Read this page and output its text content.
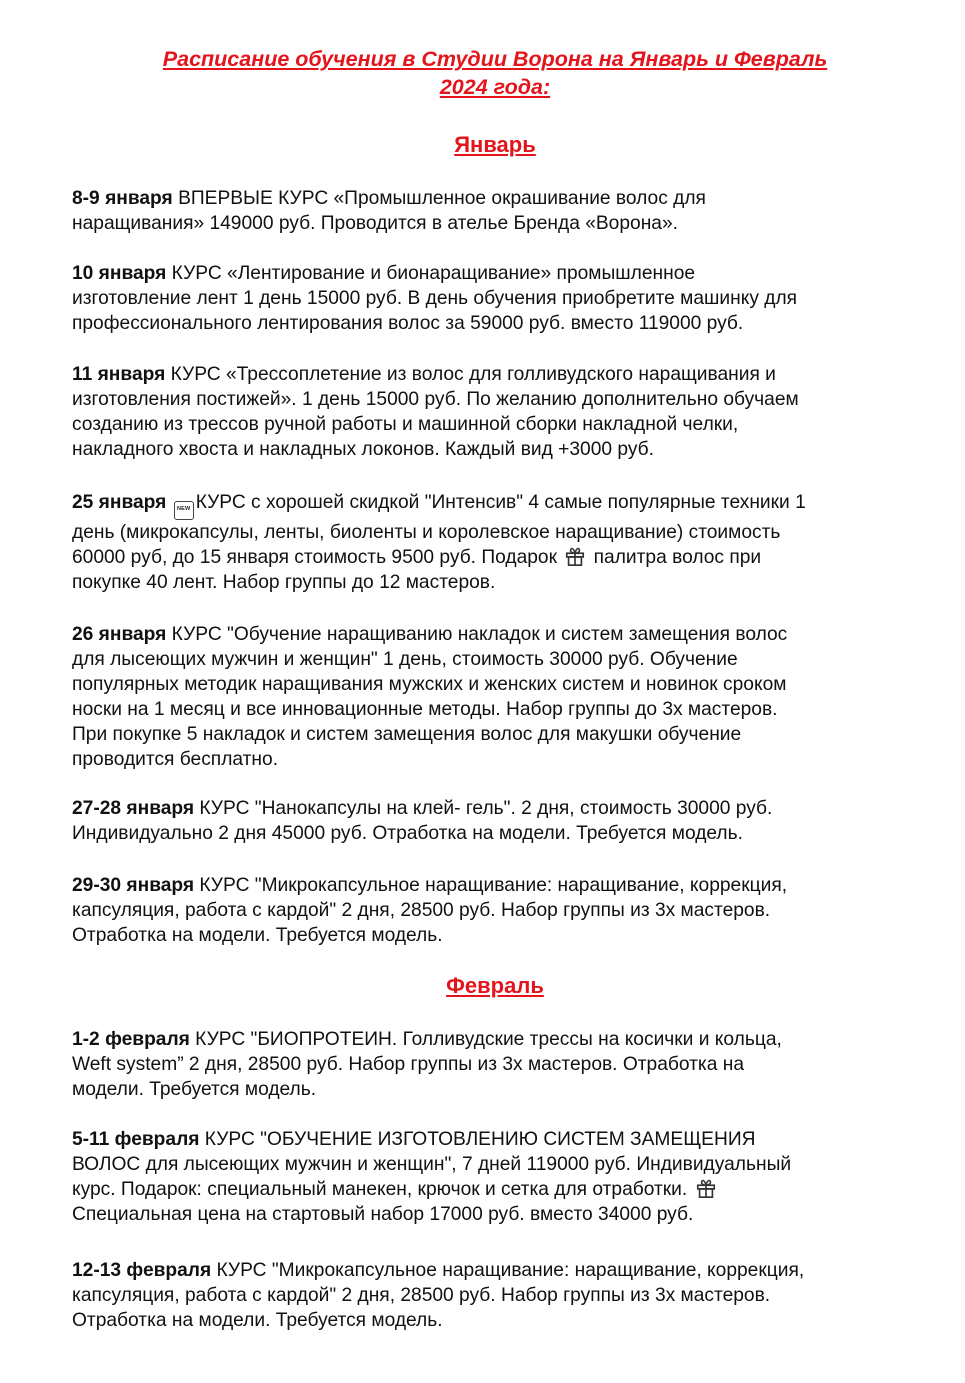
Расписание обучения в Студии Ворона на Январь и Февраль
2024 года:
Январь

8-9 января ВПЕРВЫЕ КУРС «Промышленное окрашивание волос для
наращивания» 149000 руб. Проводится в ателье Бренда «Ворона».

10 января КУРС «Лентирование и бионаращивание» промышленное
изготовление лент 1 день 15000 руб. В день обучения приобретите машинку для
профессионального лентирования волос за 59000 руб. вместо 119000 руб.

11 января КУРС «Трессоплетение из волос для голливудского наращивания и
изготовления постижей». 1 день 15000 руб. По желанию дополнительно обучаем
созданию из трессов ручной работы и машинной сборки накладной челки,
накладного хвоста и накладных локонов. Каждый вид +3000 руб.

25 января NEW КУРС с хорошей скидкой "Интенсив" 4 самые популярные техники 1
день (микрокапсулы, ленты, биоленты и королевское наращивание) стоимость
60000 руб, до 15 января стоимость 9500 руб. Подарок  палитра волос при
покупке 40 лент. Набор группы до 12 мастеров.

26 января КУРС "Обучение наращиванию накладок и систем замещения волос
для лысеющих мужчин и женщин" 1 день, стоимость 30000 руб. Обучение
популярных методик наращивания мужских и женских систем и новинок сроком
носки на 1 месяц и все инновационные методы. Набор группы до 3х мастеров.
При покупке 5 накладок и систем замещения волос для макушки обучение
проводится бесплатно.

27-28 января КУРС "Нанокапсулы на клей- гель". 2 дня, стоимость 30000 руб.
Индивидуально 2 дня 45000 руб. Отработка на модели. Требуется модель.

29-30 января КУРС "Микрокапсульное наращивание: наращивание, коррекция,
капсуляция, работа с кардой" 2 дня, 28500 руб. Набор группы из 3х мастеров.
Отработка на модели. Требуется модель.

Февраль

1-2 февраля КУРС "БИОПРОТЕИН. Голливудские трессы на косички и кольца,
Weft system” 2 дня, 28500 руб. Набор группы из 3х мастеров. Отработка на
модели. Требуется модель.

5-11 февраля КУРС "ОБУЧЕНИЕ ИЗГОТОВЛЕНИЮ СИСТЕМ ЗАМЕЩЕНИЯ
ВОЛОС для лысеющих мужчин и женщин", 7 дней 119000 руб. Индивидуальный
курс. Подарок: специальный манекен, крючок и сетка для отработки.
Специальная цена на стартовый набор 17000 руб. вместо 34000 руб.

12-13 февраля КУРС "Микрокапсульное наращивание: наращивание, коррекция,
капсуляция, работа с кардой" 2 дня, 28500 руб. Набор группы из 3х мастеров.
Отработка на модели. Требуется модель.
